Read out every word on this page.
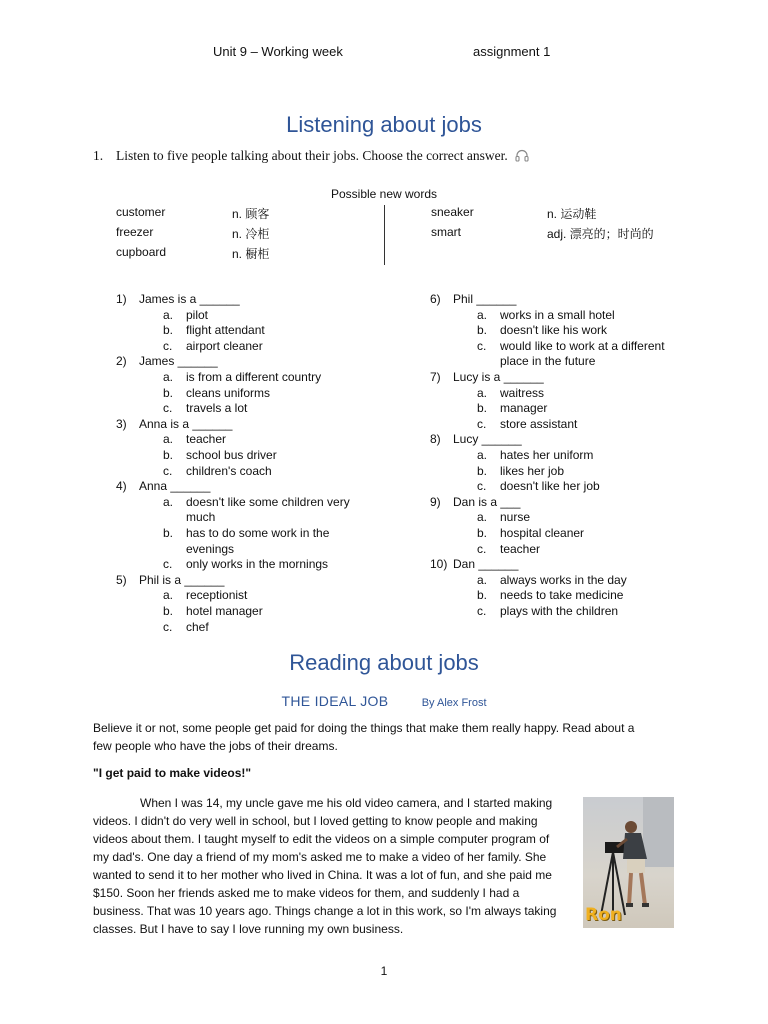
Unit 9 – Working week	assignment 1
Listening about jobs
1. Listen to five people talking about their jobs. Choose the correct answer.
Possible new words
customer	n. 顾客
freezer	n. 冷柜
cupboard	n. 橱柜
sneaker	n. 运动鞋
smart	adj. 漂亮的；时尚的
1) James is a ______
a. pilot
b. flight attendant
c. airport cleaner
2) James ______
a. is from a different country
b. cleans uniforms
c. travels a lot
3) Anna is a ______
a. teacher
b. school bus driver
c. children's coach
4) Anna ______
a. doesn't like some children very
much
b. has to do some work in the
evenings
c. only works in the mornings
5) Phil is a ______
a. receptionist
b. hotel manager
c. chef
6) Phil ______
a. works in a small hotel
b. doesn't like his work
c. would like to work at a different
place in the future
7) Lucy is a ______
a. waitress
b. manager
c. store assistant
8) Lucy ______
a. hates her uniform
b. likes her job
c. doesn't like her job
9) Dan is a ___
a. nurse
b. hospital cleaner
c. teacher
10) Dan ______
a. always works in the day
b. needs to take medicine
c. plays with the children
Reading about jobs
THE IDEAL JOB	By Alex Frost
Believe it or not, some people get paid for doing the things that make them really happy. Read about a
few people who have the jobs of their dreams.
"I get paid to make videos!"
When I was 14, my uncle gave me his old video camera, and I started making
videos. I didn't do very well in school, but I loved getting to know people and making
videos about them. I taught myself to edit the videos on a simple computer program of
my dad's. One day a friend of my mom's asked me to make a video of her family. She
wanted to send it to her mother who lived in China. It was a lot of fun, and she paid me
$150. Soon her friends asked me to make videos for them, and suddenly I had a
business. That was 10 years ago. Things change a lot in this work, so I'm always taking
classes. But I have to say I love running my own business.
Ron
1
